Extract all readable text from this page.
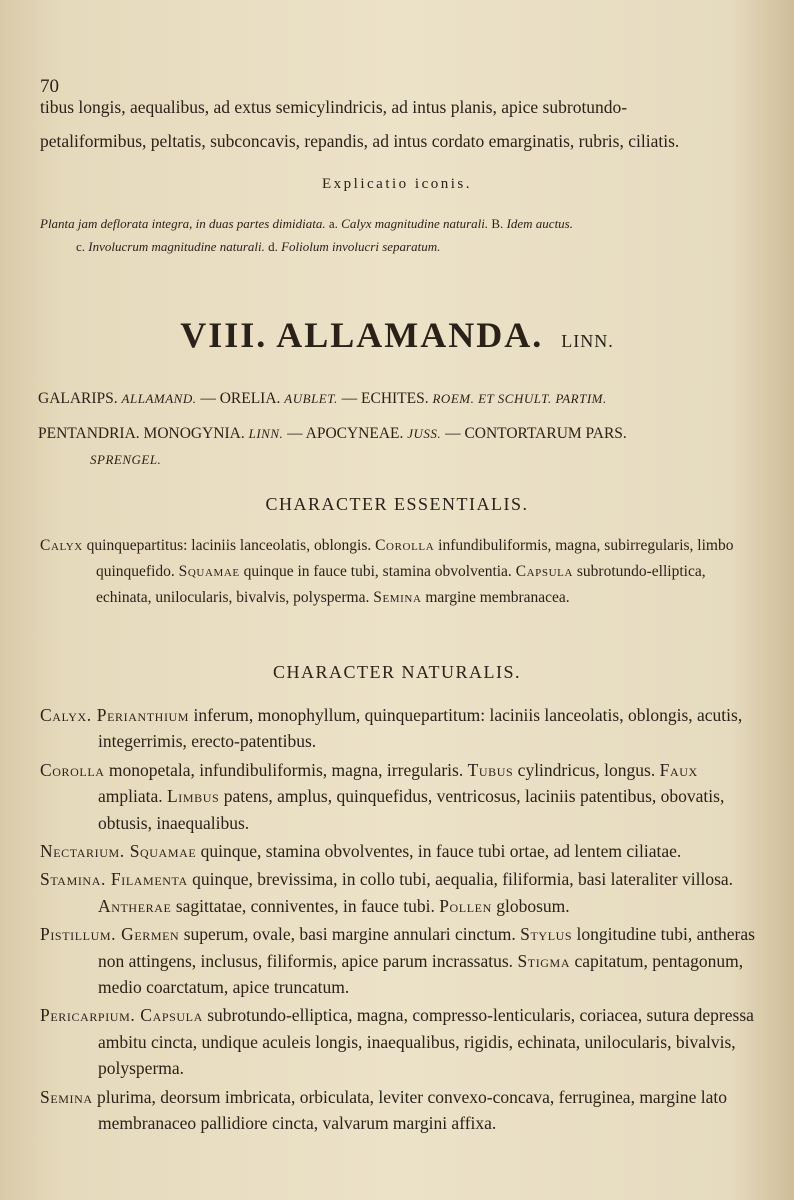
70

tibus longis, aequalibus, ad extus semicylindricis, ad intus planis, apice subrotundo-

petaliformibus, peltatis, subconcavis, repandis, ad intus cordato emarginatis, rubris, ciliatis.

Explicatio iconis.

Planta jam deflorata integra, in duas partes dimidiata. a. Calyx magnitudine naturali. B. Idem auctus.

c. Involucrum magnitudine naturali. d. Foliolum involucri separatum.

VIII. ALLAMANDA. LINN.
GALARIPS. ALLAMAND. — ORELIA. AUBLET. — ECHITES. ROEM. ET SCHULT. PARTIM.
PENTANDRIA. MONOGYNIA. LINN. — APOCYNEAE. JUSS. — CONTORTARUM PARS.
SPRENGEL.
CHARACTER ESSENTIALIS.

Calyx quinquepartitus: laciniis lanceolatis, oblongis. Corolla infundibuliformis, magna, subirregularis, limbo quinquefido. Squamae quinque in fauce tubi, stamina obvolventia. Capsula subrotundo-elliptica, echinata, unilocularis, bivalvis, polysperma. Semina margine membranacea.

CHARACTER NATURALIS.

Calyx. Perianthium inferum, monophyllum, quinquepartitum: laciniis lanceolatis, oblongis, acutis, integerrimis, erecto-patentibus.

Corolla monopetala, infundibuliformis, magna, irregularis. Tubus cylindricus, longus. Faux ampliata. Limbus patens, amplus, quinquefidus, ventricosus, laciniis patentibus, obovatis, obtusis, inaequalibus.

Nectarium. Squamae quinque, stamina obvolventes, in fauce tubi ortae, ad lentem ciliatae.

Stamina. Filamenta quinque, brevissima, in collo tubi, aequalia, filiformia, basi lateraliter villosa. Antherae sagittatae, conniventes, in fauce tubi. Pollen globosum.

Pistillum. Germen superum, ovale, basi margine annulari cinctum. Stylus longitudine tubi, antheras non attingens, inclusus, filiformis, apice parum incrassatus. Stigma capitatum, pentagonum, medio coarctatum, apice truncatum.

Pericarpium. Capsula subrotundo-elliptica, magna, compresso-lenticularis, coriacea, sutura depressa ambitu cincta, undique aculeis longis, inaequalibus, rigidis, echinata, unilocularis, bivalvis, polysperma.

Semina plurima, deorsum imbricata, orbiculata, leviter convexo-concava, ferruginea, margine lato membranaceo pallidiore cincta, valvarum margini affixa.
